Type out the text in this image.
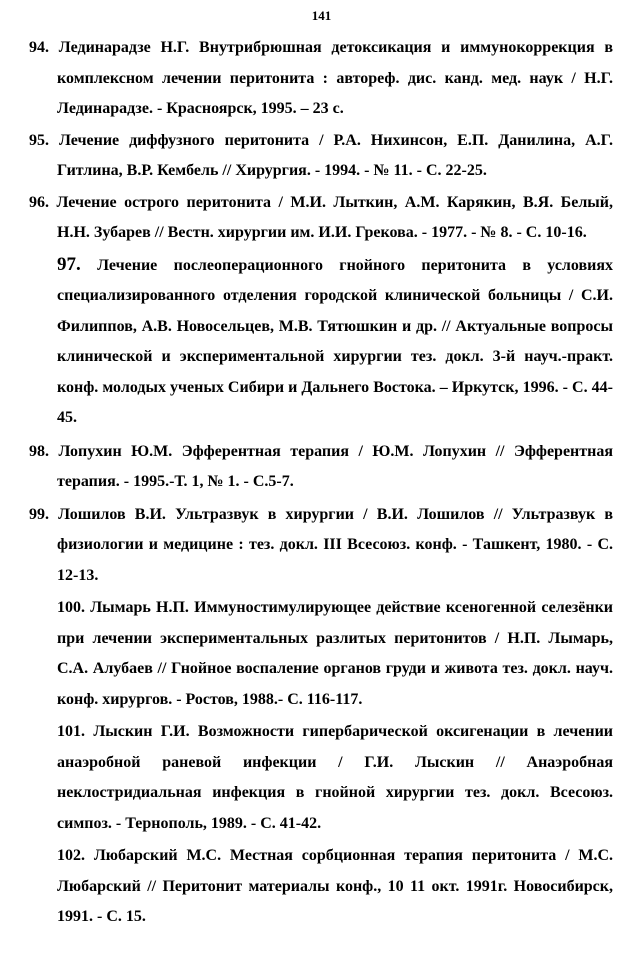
141

94. Лединарадзе Н.Г. Внутрибрюшная детоксикация и иммунокоррекция в комплексном лечении перитонита : автореф. дис. канд. мед. наук / Н.Г. Лединарадзе. - Красноярск, 1995. – 23 с.

95. Лечение диффузного перитонита / Р.А. Нихинсон, Е.П. Данилина, А.Г. Гитлина, В.Р. Кембель // Хирургия. - 1994. - № 11. - С. 22-25.

96. Лечение острого перитонита / М.И. Лыткин, А.М. Карякин, В.Я. Белый, Н.Н. Зубарев // Вестн. хирургии им. И.И. Грекова. - 1977. - № 8. - С. 10-16.

97. Лечение послеоперационного гнойного перитонита в условиях специализированного отделения городской клинической больницы / С.И. Филиппов, А.В. Новосельцев, М.В. Тятюшкин и др. // Актуальные вопросы клинической и экспериментальной хирургии тез. докл. 3-й науч.-практ. конф. молодых ученых Сибири и Дальнего Востока. – Иркутск, 1996. - С. 44-45.

98. Лопухин Ю.М. Эфферентная терапия / Ю.М. Лопухин // Эфферентная терапия. - 1995.-Т. 1, № 1. - С.5-7.

99. Лошилов В.И. Ультразвук в хирургии / В.И. Лошилов // Ультразвук в физиологии и медицине : тез. докл. III Всесоюз. конф. - Ташкент, 1980. - С. 12-13.

100. Лымарь Н.П. Иммуностимулирующее действие ксеногенной селезёнки при лечении экспериментальных разлитых перитонитов / Н.П. Лымарь, С.А. Алубаев // Гнойное воспаление органов груди и живота тез. докл. науч. конф. хирургов. - Ростов, 1988.- С. 116-117.

101. Лыскин Г.И. Возможности гипербарической оксигенации в лечении анаэробной раневой инфекции / Г.И. Лыскин // Анаэробная неклостридиальная инфекция в гнойной хирургии тез. докл. Всесоюз. симпоз. - Тернополь, 1989. - С. 41-42.

102. Любарский М.С. Местная сорбционная терапия перитонита / М.С. Любарский // Перитонит материалы конф., 10 11 окт. 1991г. Новосибирск, 1991. - С. 15.
